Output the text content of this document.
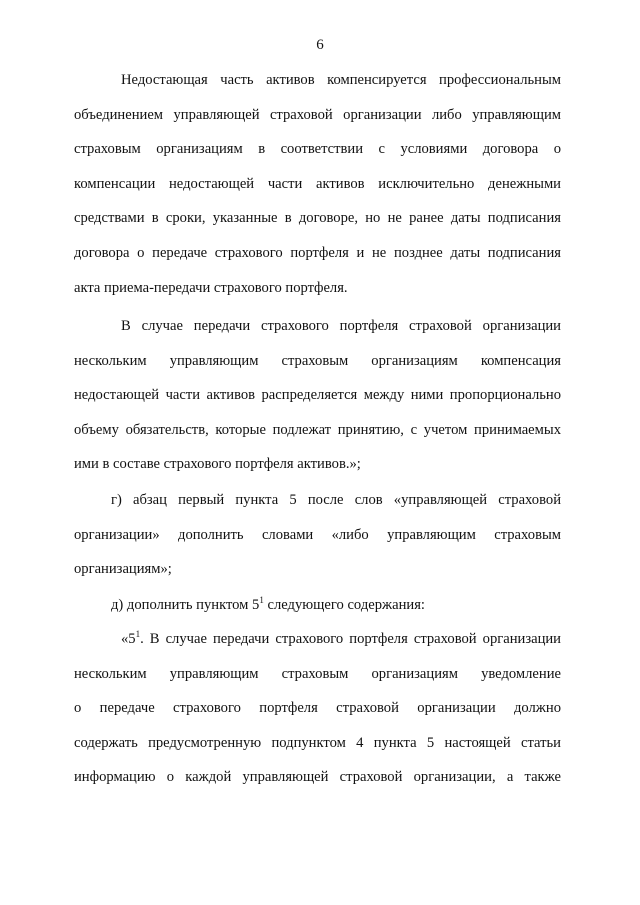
6
Недостающая часть активов компенсируется профессиональным
объединением управляющей страховой организации либо управляющим
страховым организациям в соответствии с условиями договора о
компенсации недостающей части активов исключительно денежными
средствами в сроки, указанные в договоре, но не ранее даты подписания
договора о передаче страхового портфеля и не позднее даты подписания
акта приема-передачи страхового портфеля.
В случае передачи страхового портфеля страховой организации
нескольким управляющим страховым организациям компенсация
недостающей части активов распределяется между ними пропорционально
объему обязательств, которые подлежат принятию, с учетом принимаемых
ими в составе страхового портфеля активов.»;
г) абзац первый пункта 5 после слов «управляющей страховой
организации» дополнить словами «либо управляющим страховым
организациям»;
д) дополнить пунктом $5^1$ следующего содержания:
«$5^1$. В случае передачи страхового портфеля страховой организации
нескольким управляющим страховым организациям уведомление
о передаче страхового портфеля страховой организации должно
содержать предусмотренную подпунктом 4 пункта 5 настоящей статьи
информацию о каждой управляющей страховой организации, а также
